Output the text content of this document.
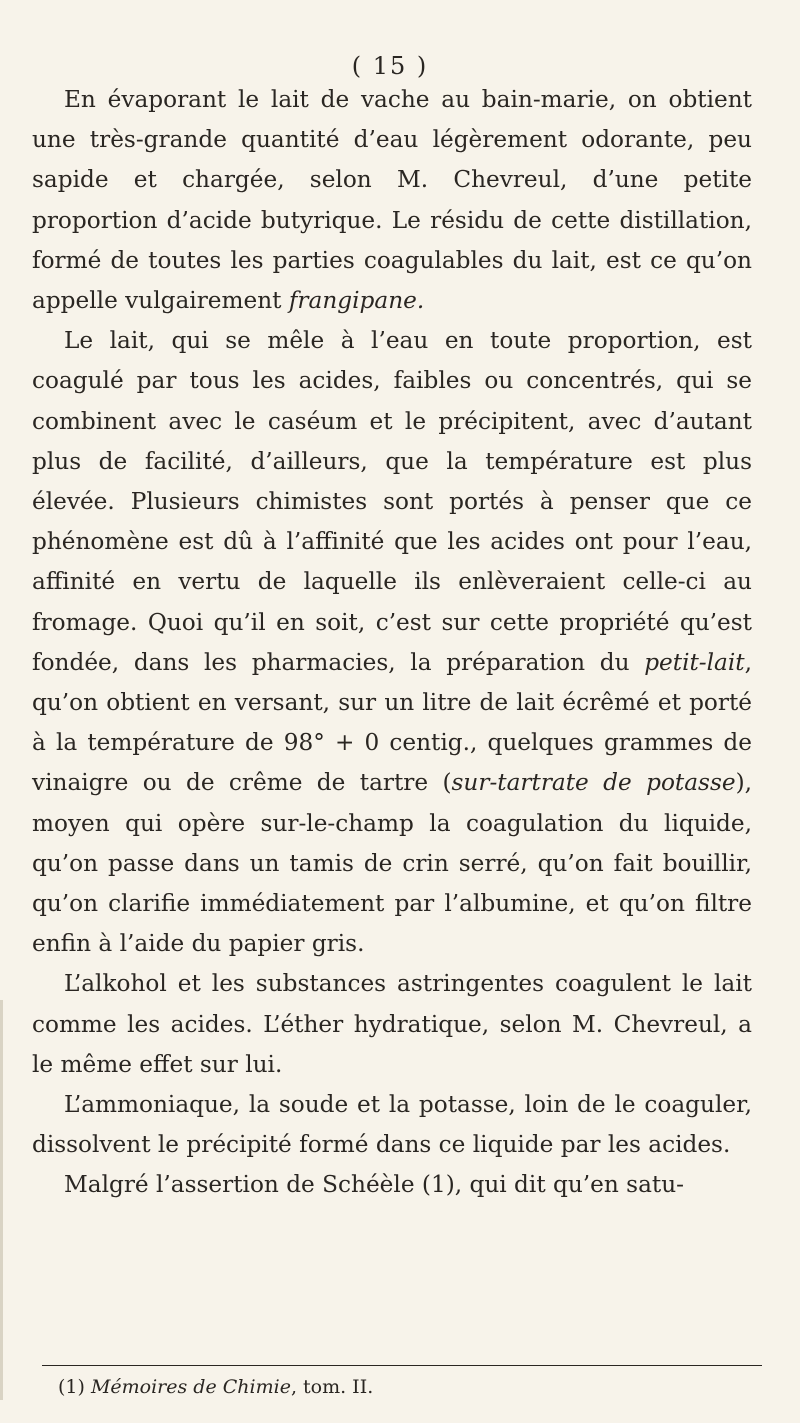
( 15 )

En évaporant le lait de vache au bain-marie, on obtient une très-grande quantité d’eau légèrement odorante, peu sapide et chargée, selon M. Chevreul, d’une petite proportion d’acide butyrique. Le résidu de cette distillation, formé de toutes les parties coagulables du lait, est ce qu’on appelle vulgairement frangipane.

Le lait, qui se mêle à l’eau en toute proportion, est coagulé par tous les acides, faibles ou concentrés, qui se combinent avec le caséum et le précipitent, avec d’autant plus de facilité, d’ailleurs, que la température est plus élevée. Plusieurs chimistes sont portés à penser que ce phénomène est dû à l’affinité que les acides ont pour l’eau, affinité en vertu de laquelle ils enlèveraient celle-ci au fromage. Quoi qu’il en soit, c’est sur cette propriété qu’est fondée, dans les pharmacies, la préparation du petit-lait, qu’on obtient en versant, sur un litre de lait écrêmé et porté à la température de 98° + 0 centig., quelques grammes de vinaigre ou de crême de tartre (sur-tartrate de potasse), moyen qui opère sur-le-champ la coagulation du liquide, qu’on passe dans un tamis de crin serré, qu’on fait bouillir, qu’on clarifie immédiatement par l’albumine, et qu’on filtre enfin à l’aide du papier gris.

L’alkohol et les substances astringentes coagulent le lait comme les acides. L’éther hydratique, selon M. Chevreul, a le même effet sur lui.

L’ammoniaque, la soude et la potasse, loin de le coaguler, dissolvent le précipité formé dans ce liquide par les acides.

Malgré l’assertion de Schéèle (1), qui dit qu’en satu-

(1) Mémoires de Chimie, tom. II.
